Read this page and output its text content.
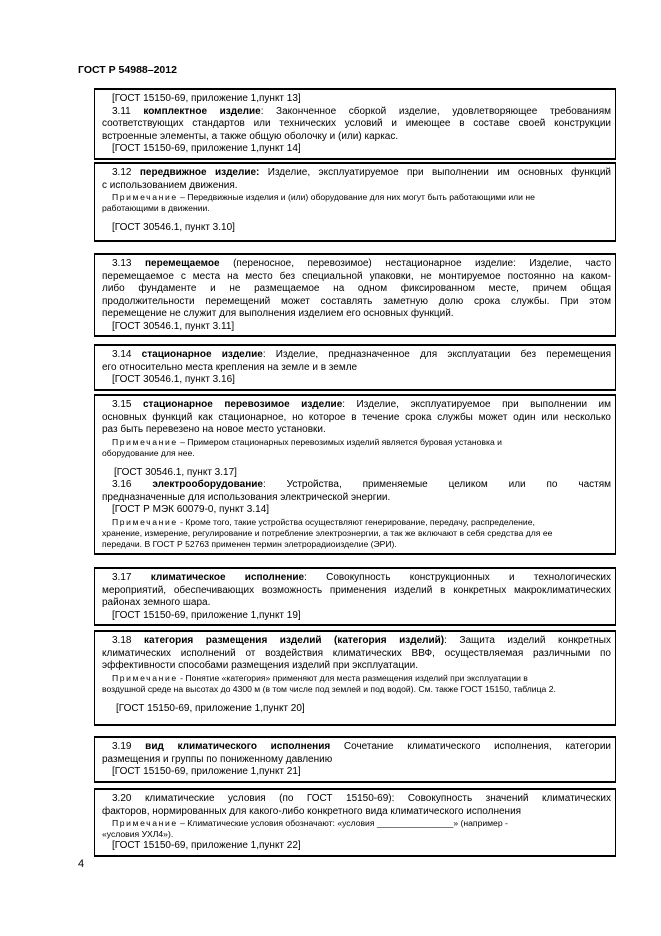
ГОСТ Р 54988–2012
[ГОСТ 15150-69, приложение 1,пункт 13]
3.11 комплектное изделие: Законченное сборкой изделие, удовлетворяющее требованиям
соответствующих стандартов или технических условий и имеющее в составе своей конструкции
встроенные элементы, а также общую оболочку и (или) каркас.
[ГОСТ 15150-69, приложение 1,пункт 14]
3.12 передвижное изделие: Изделие, эксплуатируемое при выполнении им основных функций
с использованием движения.
Примечание – Передвижные изделия и (или) оборудование для них могут быть работающими или не
работающими в движении.
[ГОСТ 30546.1, пункт 3.10]
3.13 перемещаемое (переносное, перевозимое) нестационарное изделие: Изделие, часто
перемещаемое с места на место без специальной упаковки, не монтируемое постоянно на каком-
либо фундаменте и не размещаемое на одном фиксированном месте, причем общая
продолжительности перемещений может составлять заметную долю срока службы. При этом
перемещение не служит для выполнения изделием его основных функций.
[ГОСТ 30546.1, пункт 3.11]
3.14 стационарное изделие: Изделие, предназначенное для эксплуатации без перемещения
его относительно места крепления на земле и в земле
[ГОСТ 30546.1, пункт 3.16]
3.15 стационарное перевозимое изделие: Изделие, эксплуатируемое при выполнении им
основных функций как стационарное, но которое в течение срока службы может один или несколько
раз быть перевезено на новое место установки.
Примечание – Примером стационарных перевозимых изделий является буровая установка и
оборудование для нее.
[ГОСТ 30546.1, пункт 3.17]
3.16 электрооборудование: Устройства, применяемые целиком или по частям
предназначенные для использования электрической энергии.
[ГОСТ Р МЭК 60079-0, пункт 3.14]
Примечание - Кроме того, такие устройства осуществляют генерирование, передачу, распределение,
хранение, измерение, регулирование и потребление электроэнергии, а так же включают в себя средства для ее
передачи. В ГОСТ Р 52763 применен термин элетрорадиоизделие (ЭРИ).
3.17 климатическое исполнение: Совокупность конструкционных и технологических
мероприятий, обеспечивающих возможность применения изделий в конкретных макроклиматических
районах земного шара.
[ГОСТ 15150-69, приложение 1,пункт 19]
3.18 категория размещения изделий (категория изделий): Защита изделий конкретных
климатических исполнений от воздействия климатических ВВФ, осуществляемая различными по
эффективности способами размещения изделий при эксплуатации.
Примечание - Понятие «категория» применяют для места размещения изделий при эксплуатации в
воздушной среде на высотах до 4300 м (в том числе под землей и под водой). См. также ГОСТ 15150, таблица 2.
[ГОСТ 15150-69, приложение 1,пункт 20]
3.19 вид климатического исполнения Сочетание климатического исполнения, категории
размещения и группы по пониженному давлению
[ГОСТ 15150-69, приложение 1,пункт 21]
3.20 климатические условия (по ГОСТ 15150-69): Совокупность значений климатических
факторов, нормированных для какого-либо конкретного вида климатического исполнения
Примечание – Климатические условия обозначают: «условия ________________» (например -
«условия УХЛ4»).
[ГОСТ 15150-69, приложение 1,пункт 22]
4
